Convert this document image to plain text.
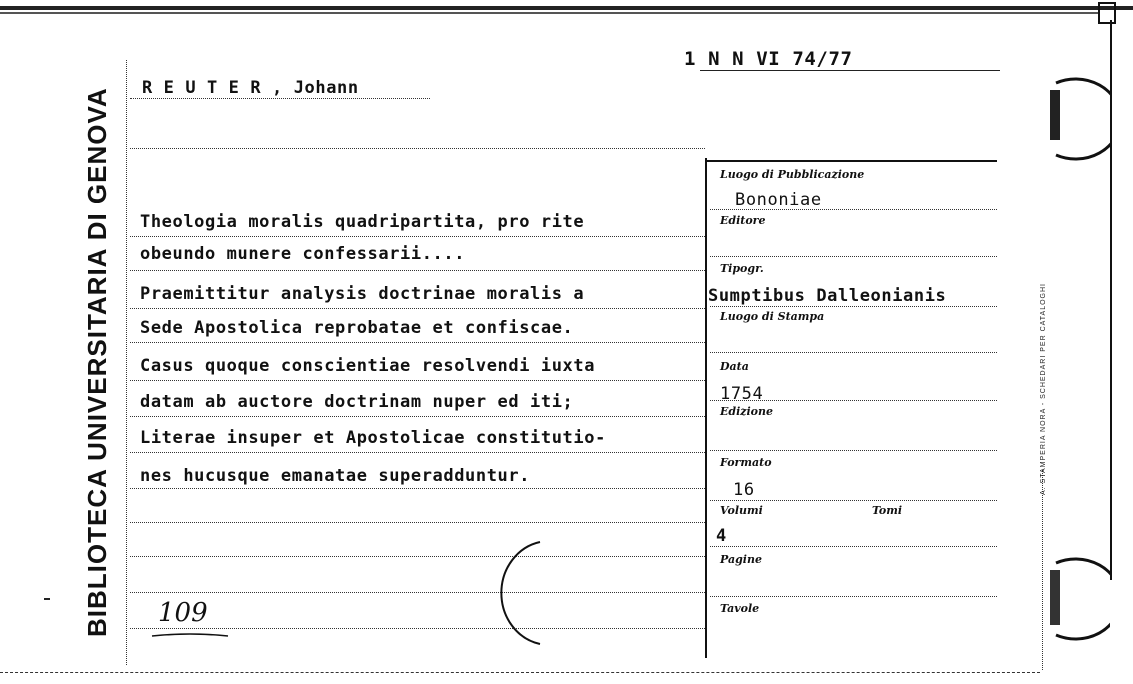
BIBLIOTECA UNIVERSITARIA DI GENOVA
1 N N VI 74/77
R E U T E R , Johann
Theologia moralis quadripartita, pro rite
obeundo munere confessarii....
Praemittitur analysis doctrinae moralis a
Sede Apostolica reprobatae et confiscae.
Casus quoque conscientiae resolvendi iuxta
datam ab auctore doctrinam nuper ed iti;
Literae insuper et Apostolicae constitutio-
nes hucusque emanatae superadduntur.
Luogo di Pubblicazione
Bononiae
Editore
Tipogr.
Sumptibus Dalleonianis
Luogo di Stampa
Data
1754
Edizione
Formato
16
Volumi	Tomi
4
Pagine
Tavole
109
A. STAMPERIA NORA - SCHEDARI PER CATALOGHI
